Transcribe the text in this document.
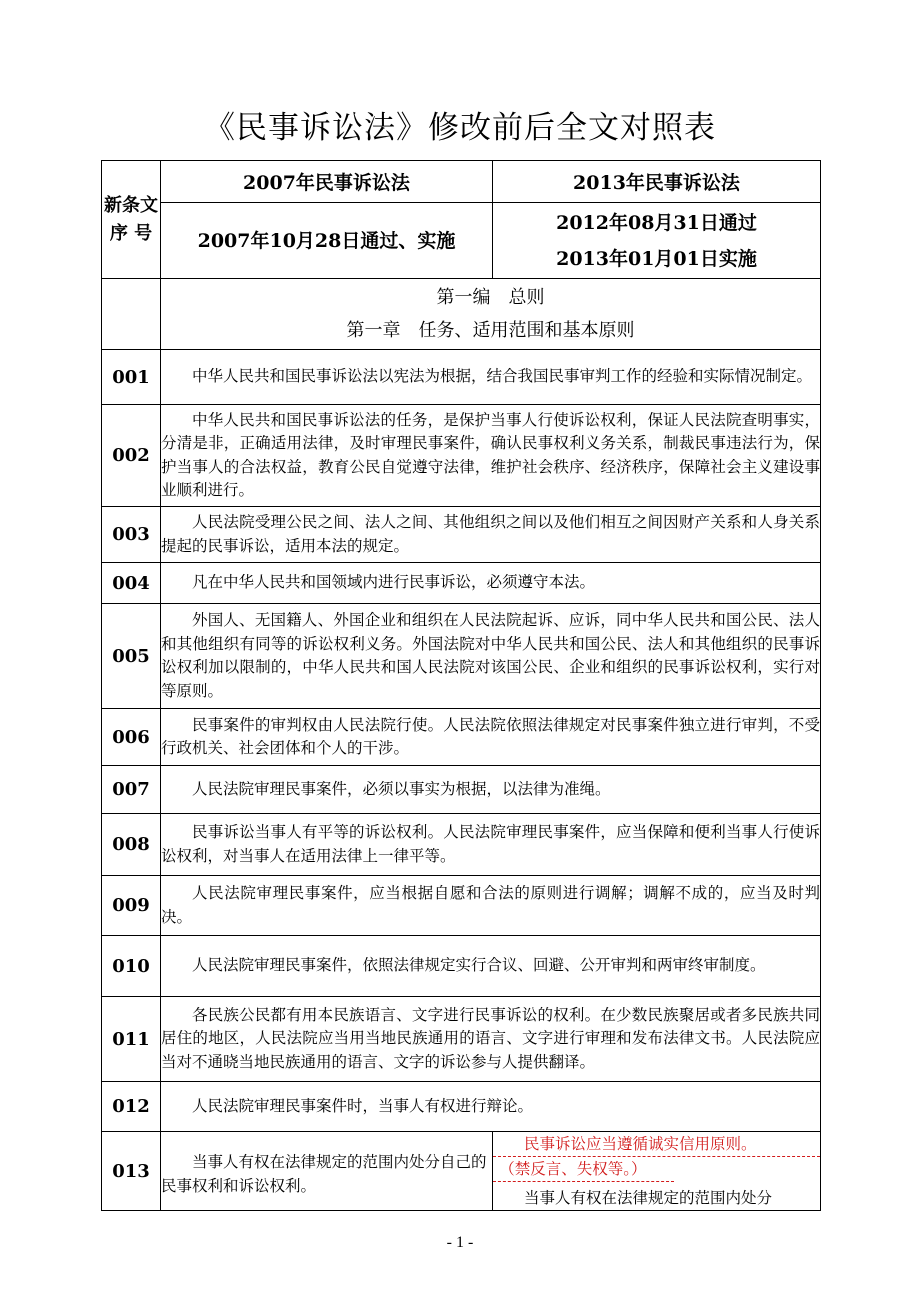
《民事诉讼法》修改前后全文对照表
新条文
序 号	2007年民事诉讼法	2013年民事诉讼法
	2007年10月28日通过、实施	2012年08月31日通过
2013年01月01日实施

	第一编　总则
第一章　任务、适用范围和基本原则	

001	中华人民共和国民事诉讼法以宪法为根据，结合我国民事审判工作的经验和实际情况制定。	
002	中华人民共和国民事诉讼法的任务，是保护当事人行使诉讼权利，保证人民法院查明事实，分清是非，正确适用法律，及时审理民事案件，确认民事权利义务关系，制裁民事违法行为，保护当事人的合法权益，教育公民自觉遵守法律，维护社会秩序、经济秩序，保障社会主义建设事业顺利进行。	
003	人民法院受理公民之间、法人之间、其他组织之间以及他们相互之间因财产关系和人身关系提起的民事诉讼，适用本法的规定。	
004	凡在中华人民共和国领域内进行民事诉讼，必须遵守本法。	
005	外国人、无国籍人、外国企业和组织在人民法院起诉、应诉，同中华人民共和国公民、法人和其他组织有同等的诉讼权利义务。外国法院对中华人民共和国公民、法人和其他组织的民事诉讼权利加以限制的，中华人民共和国人民法院对该国公民、企业和组织的民事诉讼权利，实行对等原则。	
006	民事案件的审判权由人民法院行使。人民法院依照法律规定对民事案件独立进行审判，不受行政机关、社会团体和个人的干涉。	
007	人民法院审理民事案件，必须以事实为根据，以法律为准绳。	
008	民事诉讼当事人有平等的诉讼权利。人民法院审理民事案件，应当保障和便利当事人行使诉讼权利，对当事人在适用法律上一律平等。	
009	人民法院审理民事案件，应当根据自愿和合法的原则进行调解；调解不成的，应当及时判决。	
010	人民法院审理民事案件，依照法律规定实行合议、回避、公开审判和两审终审制度。	
011	各民族公民都有用本民族语言、文字进行民事诉讼的权利。在少数民族聚居或者多民族共同居住的地区，人民法院应当用当地民族通用的语言、文字进行审理和发布法律文书。人民法院应当对不通晓当地民族通用的语言、文字的诉讼参与人提供翻译。	
012	人民法院审理民事案件时，当事人有权进行辩论。	
013	当事人有权在法律规定的范围内处分自己的民事权利和诉讼权利。	民事诉讼应当遵循诚实信用原则。
（禁反言、失权等。）
当事人有权在法律规定的范围内处分
- 1 -
